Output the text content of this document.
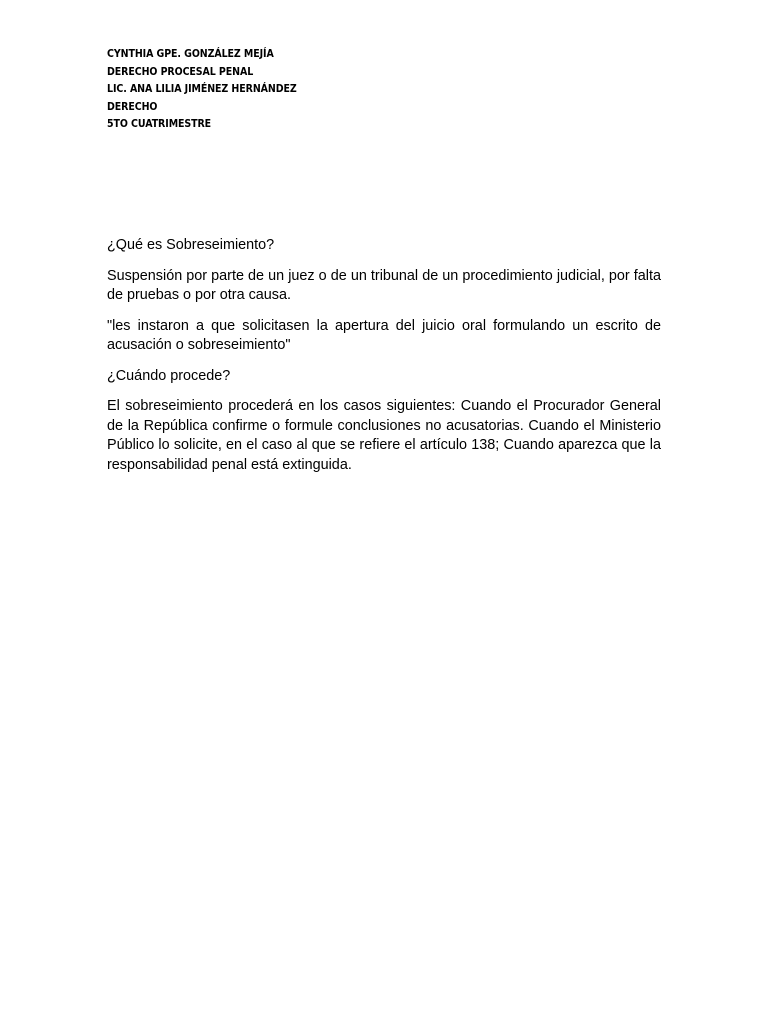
CYNTHIA GPE. GONZÁLEZ MEJÍA
DERECHO PROCESAL PENAL
LIC. ANA LILIA JIMÉNEZ HERNÁNDEZ
DERECHO
5TO CUATRIMESTRE

¿Qué es Sobreseimiento?

Suspensión por parte de un juez o de un tribunal de un procedimiento judicial, por falta de pruebas o por otra causa.

"les instaron a que solicitasen la apertura del juicio oral formulando un escrito de acusación o sobreseimiento"

¿Cuándo procede?

El sobreseimiento procederá en los casos siguientes: Cuando el Procurador General de la República confirme o formule conclusiones no acusatorias. Cuando el Ministerio Público lo solicite, en el caso al que se refiere el artículo 138; Cuando aparezca que la responsabilidad penal está extinguida.
